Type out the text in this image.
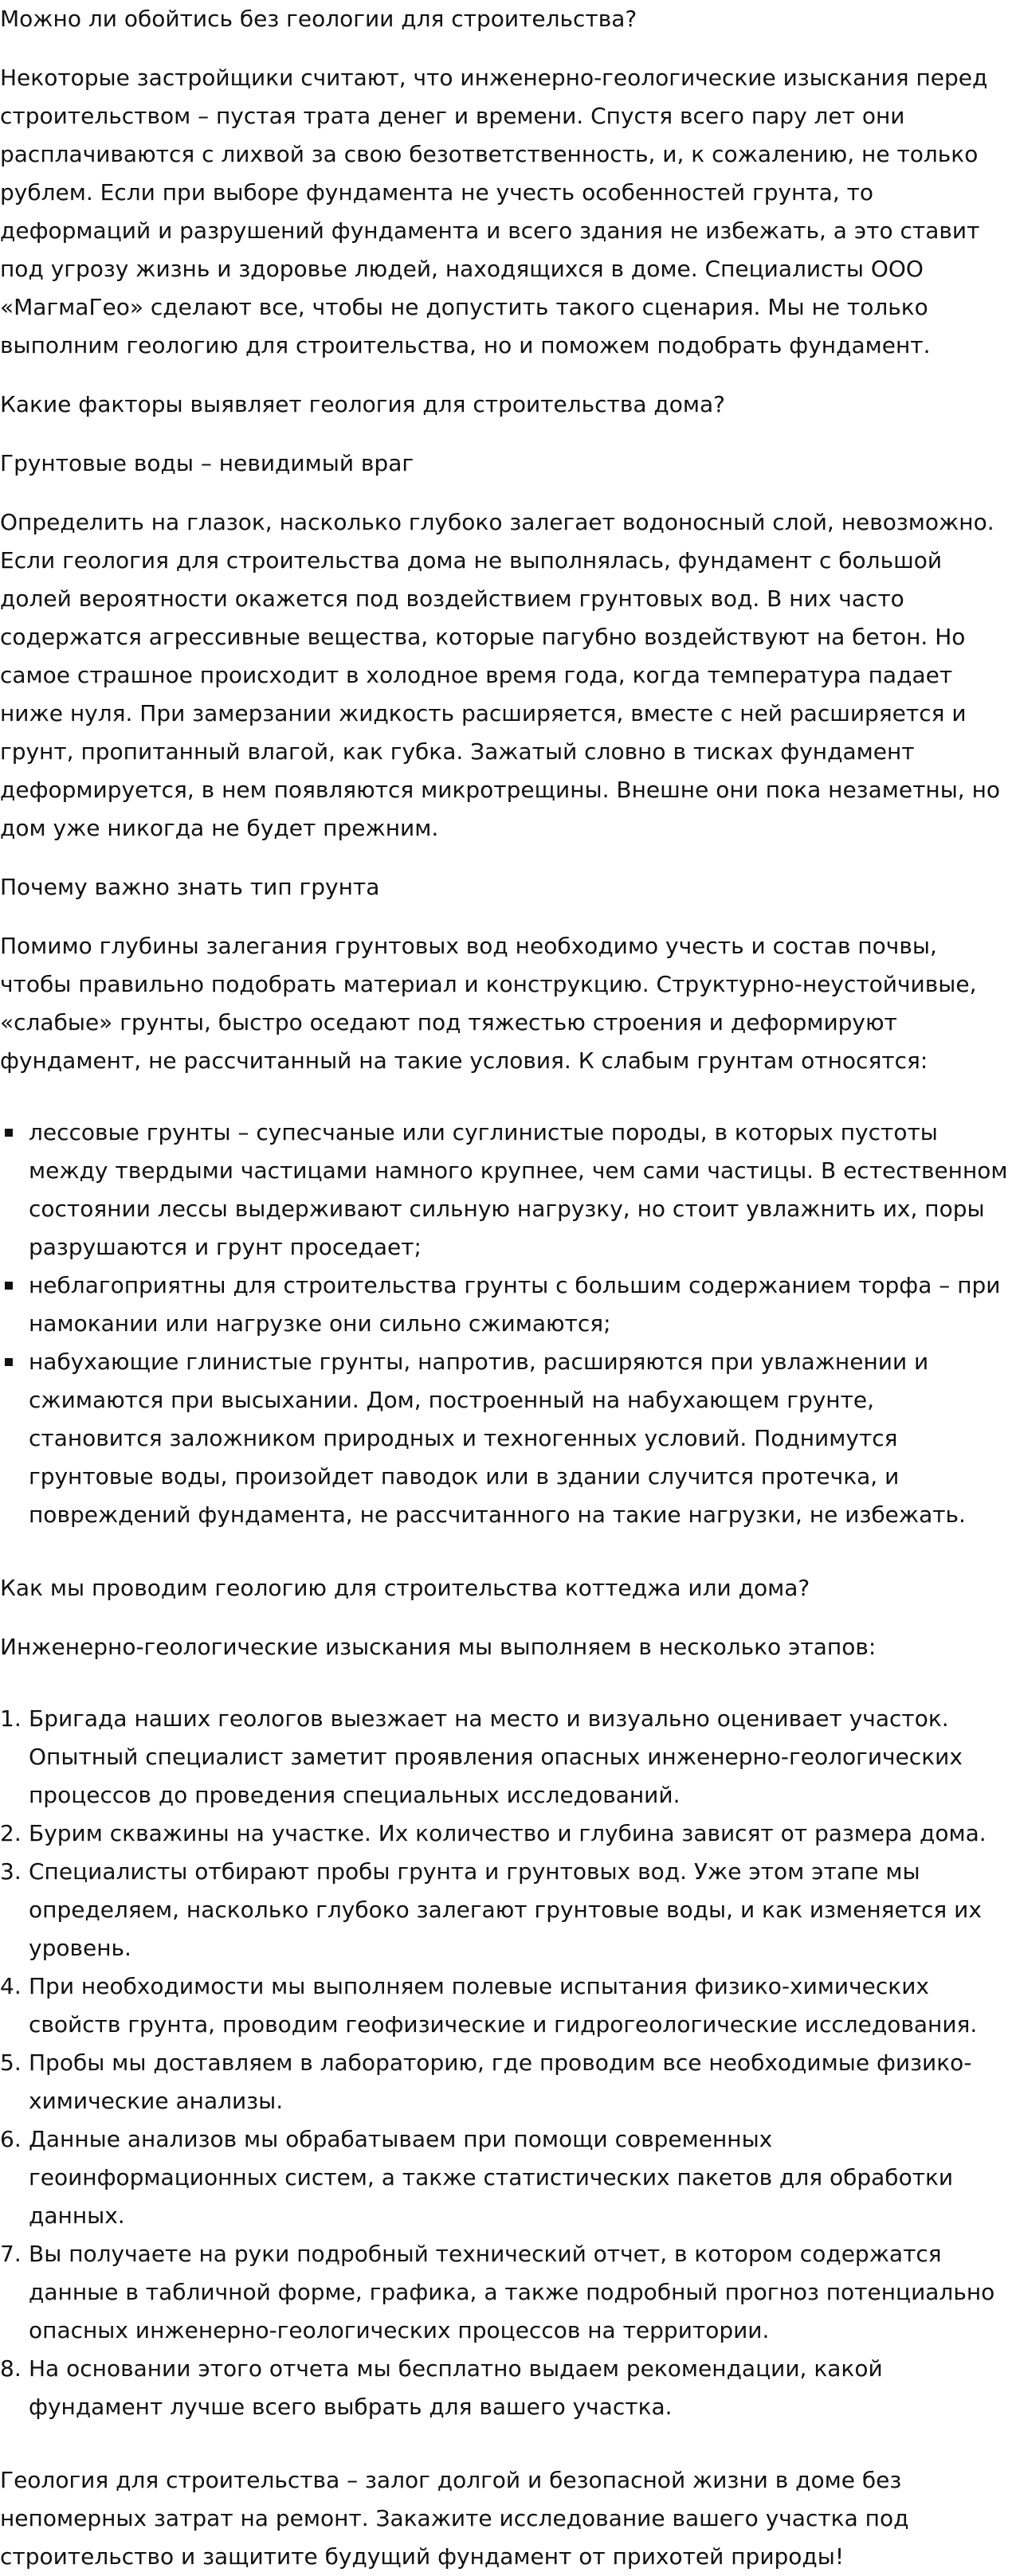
Можно ли обойтись без геологии для строительства?

Некоторые застройщики считают, что инженерно-геологические изыскания перед строительством – пустая трата денег и времени. Спустя всего пару лет они расплачиваются с лихвой за свою безответственность, и, к сожалению, не только рублем. Если при выборе фундамента не учесть особенностей грунта, то деформаций и разрушений фундамента и всего здания не избежать, а это ставит под угрозу жизнь и здоровье людей, находящихся в доме. Специалисты ООО «МагмаГео» сделают все, чтобы не допустить такого сценария. Мы не только выполним геологию для строительства, но и поможем подобрать фундамент.

Какие факторы выявляет геология для строительства дома?

Грунтовые воды – невидимый враг

Определить на глазок, насколько глубоко залегает водоносный слой, невозможно. Если геология для строительства дома не выполнялась, фундамент с большой долей вероятности окажется под воздействием грунтовых вод. В них часто содержатся агрессивные вещества, которые пагубно воздействуют на бетон. Но самое страшное происходит в холодное время года, когда температура падает ниже нуля. При замерзании жидкость расширяется, вместе с ней расширяется и грунт, пропитанный влагой, как губка. Зажатый словно в тисках фундамент деформируется, в нем появляются микротрещины. Внешне они пока незаметны, но дом уже никогда не будет прежним.

Почему важно знать тип грунта

Помимо глубины залегания грунтовых вод необходимо учесть и состав почвы, чтобы правильно подобрать материал и конструкцию. Структурно-неустойчивые, «слабые» грунты, быстро оседают под тяжестью строения и деформируют фундамент, не рассчитанный на такие условия. К слабым грунтам относятся:

лессовые грунты – супесчаные или суглинистые породы, в которых пустоты между твердыми частицами намного крупнее, чем сами частицы. В естественном состоянии лессы выдерживают сильную нагрузку, но стоит увлажнить их, поры разрушаются и грунт проседает;
неблагоприятны для строительства грунты с большим содержанием торфа – при намокании или нагрузке они сильно сжимаются;
набухающие глинистые грунты, напротив, расширяются при увлажнении и сжимаются при высыхании. Дом, построенный на набухающем грунте, становится заложником природных и техногенных условий. Поднимутся грунтовые воды, произойдет паводок или в здании случится протечка, и повреждений фундамента, не рассчитанного на такие нагрузки, не избежать.

Как мы проводим геологию для строительства коттеджа или дома?

Инженерно-геологические изыскания мы выполняем в несколько этапов:

1. Бригада наших геологов выезжает на место и визуально оценивает участок. Опытный специалист заметит проявления опасных инженерно-геологических процессов до проведения специальных исследований.
2. Бурим скважины на участке. Их количество и глубина зависят от размера дома.
3. Специалисты отбирают пробы грунта и грунтовых вод. Уже этом этапе мы определяем, насколько глубоко залегают грунтовые воды, и как изменяется их уровень.
4. При необходимости мы выполняем полевые испытания физико-химических свойств грунта, проводим геофизические и гидрогеологические исследования.
5. Пробы мы доставляем в лабораторию, где проводим все необходимые физико-химические анализы.
6. Данные анализов мы обрабатываем при помощи современных геоинформационных систем, а также статистических пакетов для обработки данных.
7. Вы получаете на руки подробный технический отчет, в котором содержатся данные в табличной форме, графика, а также подробный прогноз потенциально опасных инженерно-геологических процессов на территории.
8. На основании этого отчета мы бесплатно выдаем рекомендации, какой фундамент лучше всего выбрать для вашего участка.

Геология для строительства – залог долгой и безопасной жизни в доме без непомерных затрат на ремонт. Закажите исследование вашего участка под строительство и защитите будущий фундамент от прихотей природы!
